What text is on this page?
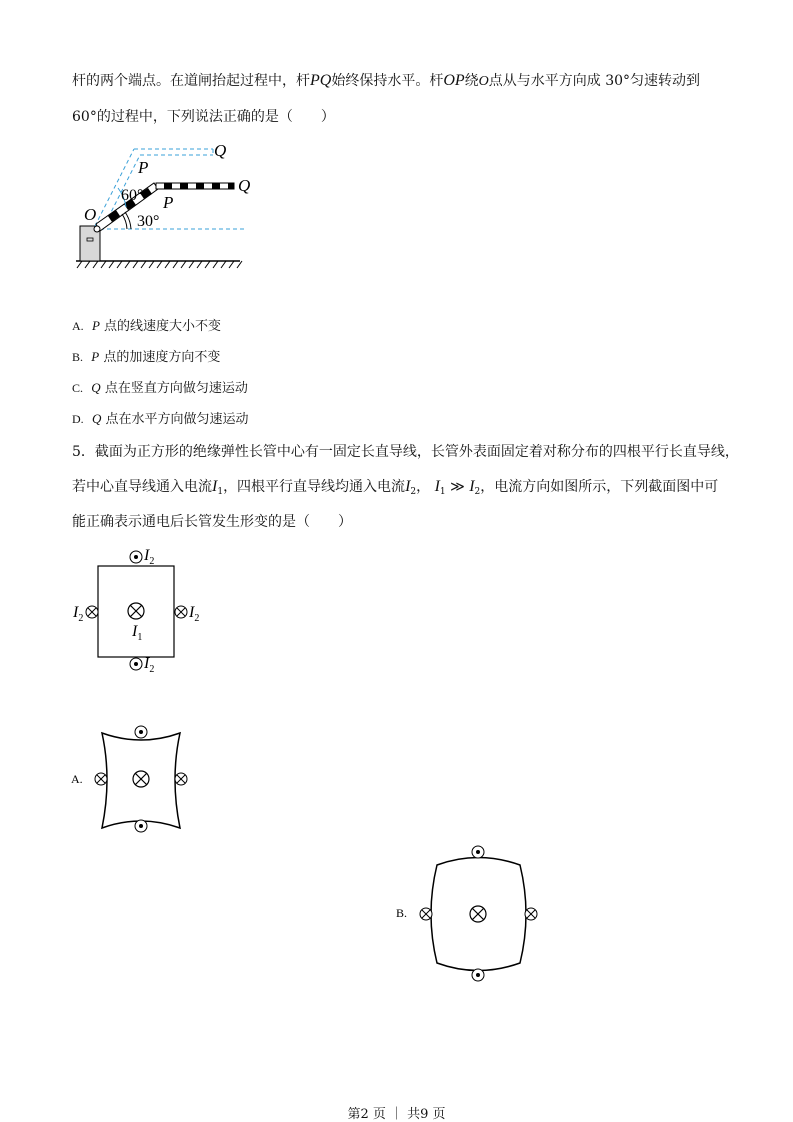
杆的两个端点。在道闸抬起过程中，杆PQ始终保持水平。杆OP绕O点从与水平方向成 30°匀速转动到
60°的过程中，下列说法正确的是（　　）
Q
P
60°
Q
P
O	30°
A. P 点的线速度大小不变
B. P 点的加速度方向不变
C. Q 点在竖直方向做匀速运动
D. Q 点在水平方向做匀速运动
5．截面为正方形的绝缘弹性长管中心有一固定长直导线，长管外表面固定着对称分布的四根平行长直导线，
若中心直导线通入电流$I_1$，四根平行直导线均通入电流$I_2$， $I_1$ ≫ $I_2$，电流方向如图所示，下列截面图中可
能正确表示通电后长管发生形变的是（　　）
$I_2$
$I_2$
$I_2$	$I_2$
$I_1$
A.
B.
第2 页 ｜ 共9 页
